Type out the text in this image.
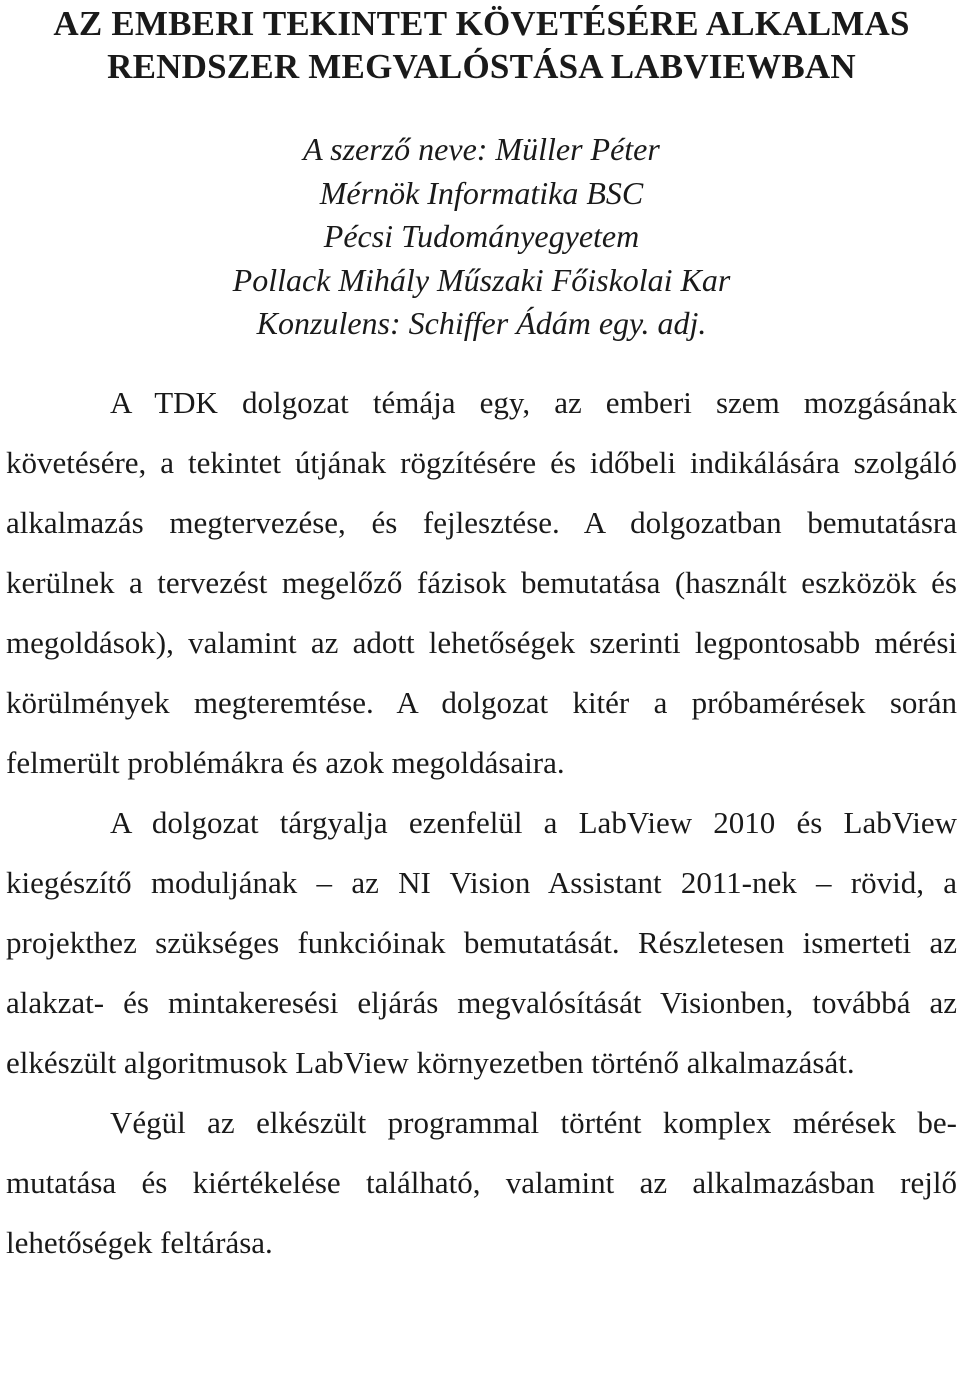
AZ EMBERI TEKINTET KÖVETÉSÉRE ALKALMAS
RENDSZER MEGVALÓSTÁSA LABVIEWBAN
A szerző neve: Müller Péter
Mérnök Informatika BSC
Pécsi Tudományegyetem
Pollack Mihály Műszaki Főiskolai Kar
Konzulens: Schiffer Ádám egy. adj.

A TDK dolgozat témája egy, az emberi szem mozgásának követésére, a tekintet útjának rögzítésére és időbeli indikálására szolgáló alkalmazás megtervezése, és fejlesztése. A dolgozatban bemutatásra kerülnek a tervezést megelőző fázisok bemutatása (használt eszközök és megoldások), valamint az adott lehetőségek szerinti legpontosabb mérési körülmények megteremtése. A dolgozat kitér a próbamérések során felmerült problémákra és azok megoldásaira.

A dolgozat tárgyalja ezenfelül a LabView 2010 és LabView kiegészítő moduljának – az NI Vision Assistant 2011-nek – rövid, a projekthez szükséges funkcióinak bemutatását. Részletesen ismerteti az alakzat- és mintakeresési eljárás megvalósítását Visionben, továbbá az elkészült algoritmusok LabView környezetben történő alkalmazását.

Végül az elkészült programmal történt komplex mérések bemutatása és kiértékelése található, valamint az alkalmazásban rejlő lehetőségek feltárása.
